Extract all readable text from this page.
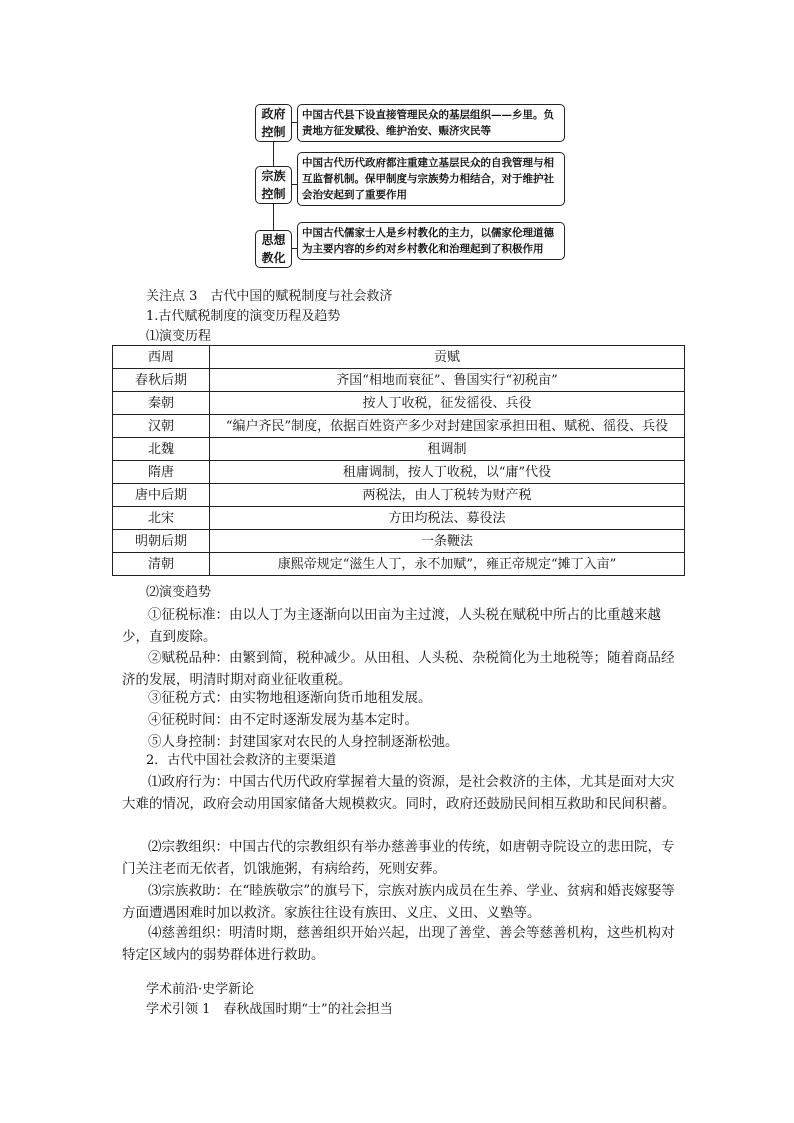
政府
控制
中国古代县下设直接管理民众的基层组织——乡里。负责地方征发赋役、维护治安、赈济灾民等
宗族
控制
中国古代历代政府都注重建立基层民众的自我管理与相互监督机制。保甲制度与宗族势力相结合，对于维护社会治安起到了重要作用
思想
教化
中国古代儒家士人是乡村教化的主力，以儒家伦理道德为主要内容的乡约对乡村教化和治理起到了积极作用
关注点 3　古代中国的赋税制度与社会救济
1.古代赋税制度的演变历程及趋势
⑴演变历程
西周	贡赋
春秋后期	齐国“相地而衰征”、鲁国实行“初税亩”
秦朝	按人丁收税，征发徭役、兵役
汉朝	“编户齐民”制度，依据百姓资产多少对封建国家承担田租、赋税、徭役、兵役
北魏	租调制
隋唐	租庸调制，按人丁收税，以“庸”代役
唐中后期	两税法，由人丁税转为财产税
北宋	方田均税法、募役法
明朝后期	一条鞭法
清朝	康熙帝规定“滋生人丁，永不加赋”，雍正帝规定“摊丁入亩”
⑵演变趋势
①征税标准：由以人丁为主逐渐向以田亩为主过渡，人头税在赋税中所占的比重越来越少，直到废除。
②赋税品种：由繁到简，税种减少。从田租、人头税、杂税简化为土地税等；随着商品经济的发展，明清时期对商业征收重税。
③征税方式：由实物地租逐渐向货币地租发展。
④征税时间：由不定时逐渐发展为基本定时。
⑤人身控制：封建国家对农民的人身控制逐渐松弛。
2．古代中国社会救济的主要渠道
⑴政府行为：中国古代历代政府掌握着大量的资源，是社会救济的主体，尤其是面对大灾大难的情况，政府会动用国家储备大规模救灾。同时，政府还鼓励民间相互救助和民间积蓄。
⑵宗教组织：中国古代的宗教组织有举办慈善事业的传统，如唐朝寺院设立的悲田院，专门关注老而无依者，饥饿施粥，有病给药，死则安葬。
⑶宗族救助：在“睦族敬宗”的旗号下，宗族对族内成员在生养、学业、贫病和婚丧嫁娶等方面遭遇困难时加以救济。家族往往设有族田、义庄、义田、义塾等。
⑷慈善组织：明清时期，慈善组织开始兴起，出现了善堂、善会等慈善机构，这些机构对特定区域内的弱势群体进行救助。
学术前沿·史学新论
学术引领 1　春秋战国时期“士”的社会担当
